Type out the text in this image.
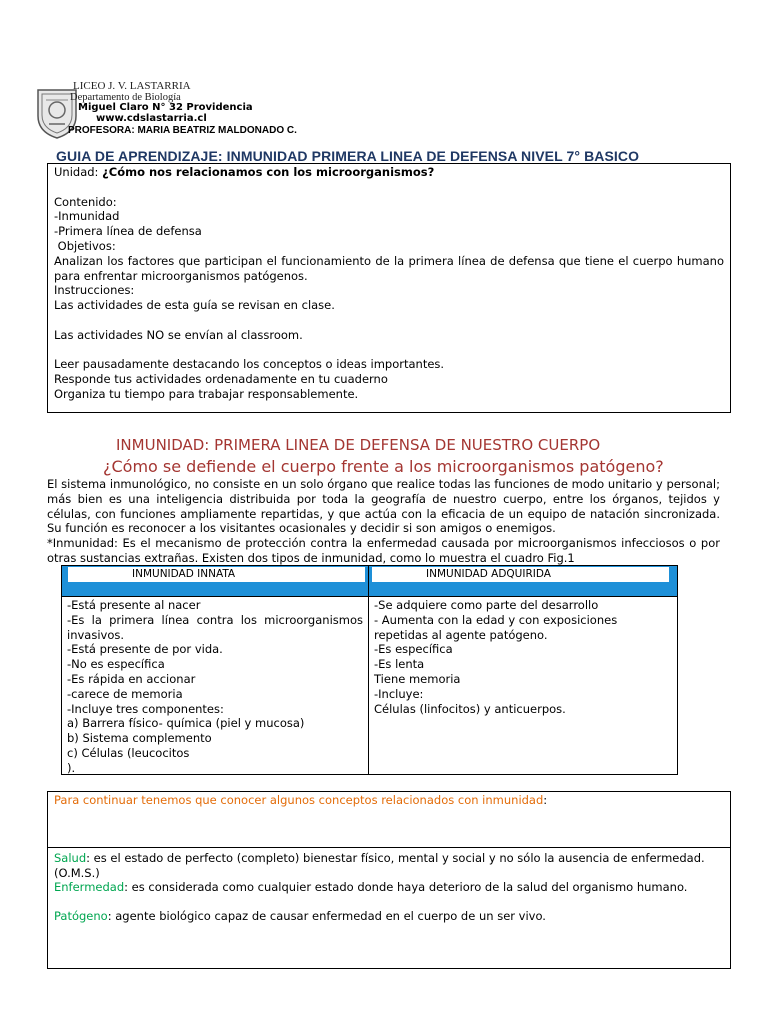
LICEO J. V. LASTARRIA
Departamento de Biología
Miguel Claro N° 32 Providencia
www.cdslastarria.cl
PROFESORA: MARIA BEATRIZ MALDONADO C.
GUIA DE APRENDIZAJE: INMUNIDAD PRIMERA LINEA DE DEFENSA NIVEL 7° BASICO

Unidad: ¿Cómo nos relacionamos con los microorganismos?

Contenido:

-Inmunidad

-Primera línea de defensa

Objetivos:

Analizan los factores que participan el funcionamiento de la primera línea de defensa que tiene el cuerpo humano para enfrentar microorganismos patógenos.

Instrucciones:

Las actividades de esta guía se revisan en clase.

Las actividades NO se envían al classroom.

Leer pausadamente destacando los conceptos o ideas importantes.

Responde tus actividades ordenadamente en tu cuaderno

Organiza tu tiempo para trabajar responsablemente.

INMUNIDAD: PRIMERA LINEA DE DEFENSA DE NUESTRO CUERPO
¿Cómo se defiende el cuerpo frente a los microorganismos patógeno?

El sistema inmunológico, no consiste en un solo órgano que realice todas las funciones de modo unitario y personal; más bien es una inteligencia distribuida por toda la geografía de nuestro cuerpo, entre los órganos, tejidos y células, con funciones ampliamente repartidas, y que actúa con la eficacia de un equipo de natación sincronizada. Su función es reconocer a los visitantes ocasionales y decidir si son amigos o enemigos.

*Inmunidad: Es el mecanismo de protección contra la enfermedad causada por microorganismos infecciosos o por otras sustancias extrañas. Existen dos tipos de inmunidad, como lo muestra el cuadro Fig.1

INMUNIDAD INNATA	INMUNIDAD ADQUIRIDA

-Está presente al nacer

-Es la primera línea contra los microorganismos invasivos.

-Está presente de por vida.

-No es específica

-Es rápida en accionar

-carece de memoria

-Incluye tres componentes:

a) Barrera físico- química (piel y mucosa)

b) Sistema complemento

c) Células (leucocitos

).

-Se adquiere como parte del desarrollo

- Aumenta con la edad y con exposiciones repetidas al agente patógeno.

-Es específica

-Es lenta

Tiene memoria

-Incluye:

Células (linfocitos) y anticuerpos.

Para continuar tenemos que conocer algunos conceptos relacionados con inmunidad:

Salud: es el estado de perfecto (completo) bienestar físico, mental y social y no sólo la ausencia de enfermedad. (O.M.S.)

Enfermedad: es considerada como cualquier estado donde haya deterioro de la salud del organismo humano.

Patógeno: agente biológico capaz de causar enfermedad en el cuerpo de un ser vivo.
